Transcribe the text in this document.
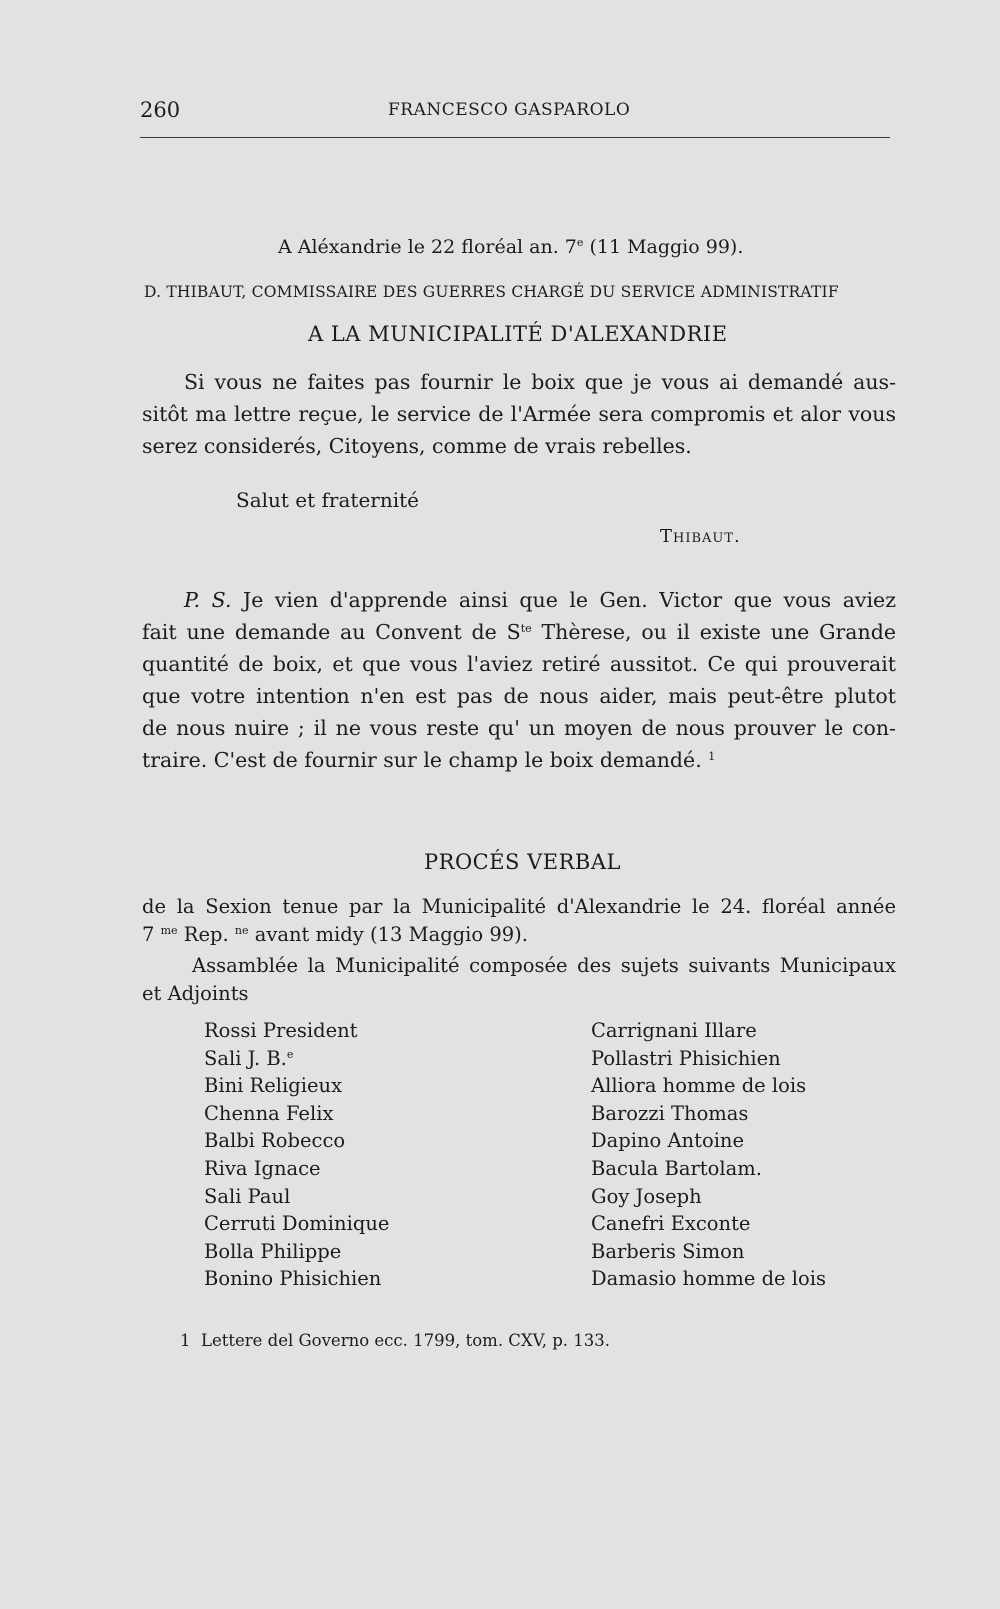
260	FRANCESCO GASPAROLO
A Aléxandrie le 22 floréal an. 7e (11 Maggio 99).
D. THIBAUT, COMMISSAIRE DES GUERRES CHARGÉ DU SERVICE ADMINISTRATIF
A LA MUNICIPALITÉ D'ALEXANDRIE
Si vous ne faites pas fournir le boix que je vous ai demandé aus-
sitôt ma lettre reçue, le service de l'Armée sera compromis et alor vous
serez considerés, Citoyens, comme de vrais rebelles.
Salut et fraternité
Thibaut.
P. S. Je vien d'apprende ainsi que le Gen. Victor que vous aviez
fait une demande au Convent de $S^{te}$ Thèrese, ou il existe une Grande
quantité de boix, et que vous l'aviez retiré aussitot. Ce qui prouverait
que votre intention n'en est pas de nous aider, mais peut-être plutot
de nous nuire ; il ne vous reste qu' un moyen de nous prouver le con-
traire. C'est de fournir sur le champ le boix demandé. $^1$
PROCÉS VERBAL
de la Sexion tenue par la Municipalité d'Alexandrie le 24. floréal année
7 $^{me}$ Rep. $^{ne}$ avant midy (13 Maggio 99).
Assamblée la Municipalité composée des sujets suivants Municipaux
et Adjoints
Rossi President
Sali J. B.$^e$
Bini Religieux
Chenna Felix
Balbi Robecco
Riva Ignace
Sali Paul
Cerruti Dominique
Bolla Philippe
Bonino Phisichien
Carrignani Illare
Pollastri Phisichien
Alliora homme de lois
Barozzi Thomas
Dapino Antoine
Bacula Bartolam.
Goy Joseph
Canefri Exconte
Barberis Simon
Damasio homme de lois
1 Lettere del Governo ecc. 1799, tom. CXV, p. 133.
